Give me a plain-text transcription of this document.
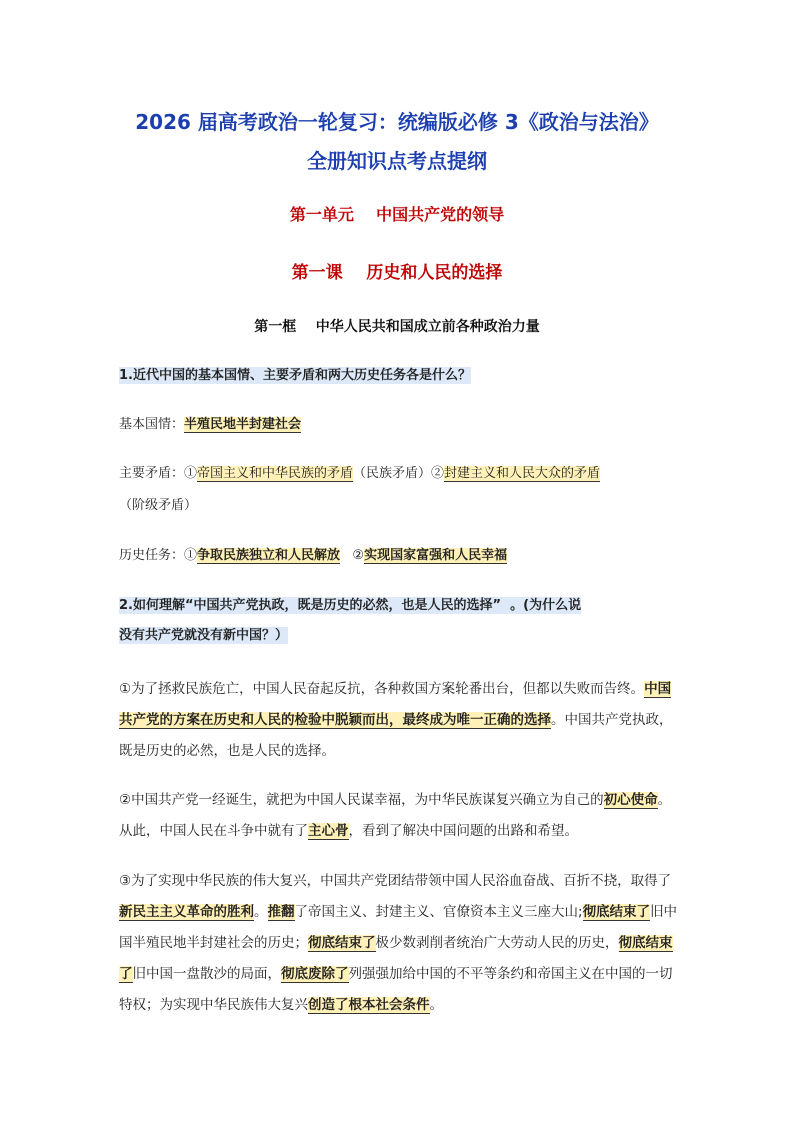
2026 届高考政治一轮复习：统编版必修 3《政治与法治》
全册知识点考点提纲
第一单元    中国共产党的领导
第一课    历史和人民的选择
第一框    中华人民共和国成立前各种政治力量
1.近代中国的基本国情、主要矛盾和两大历史任务各是什么？
基本国情：半殖民地半封建社会
主要矛盾：①帝国主义和中华民族的矛盾（民族矛盾）②封建主义和人民大众的矛盾
（阶级矛盾）
历史任务：①争取民族独立和人民解放   ②实现国家富强和人民幸福
2.如何理解“中国共产党执政，既是历史的必然，也是人民的选择”  。(为什么说
没有共产党就没有新中国？）
①为了拯救民族危亡，中国人民奋起反抗，各种救国方案轮番出台，但都以失败而告终。中国共产党的方案在历史和人民的检验中脱颖而出，最终成为唯一正确的选择。中国共产党执政，既是历史的必然，也是人民的选择。
②中国共产党一经诞生，就把为中国人民谋幸福，为中华民族谋复兴确立为自己的初心使命。从此，中国人民在斗争中就有了主心骨，看到了解决中国问题的出路和希望。
③为了实现中华民族的伟大复兴，中国共产党团结带领中国人民浴血奋战、百折不挠，取得了新民主主义革命的胜利。推翻了帝国主义、封建主义、官僚资本主义三座大山;彻底结束了旧中国半殖民地半封建社会的历史；彻底结束了极少数剥削者统治广大劳动人民的历史，彻底结束了旧中国一盘散沙的局面，彻底废除了列强强加给中国的不平等条约和帝国主义在中国的一切特权；为实现中华民族伟大复兴创造了根本社会条件。
